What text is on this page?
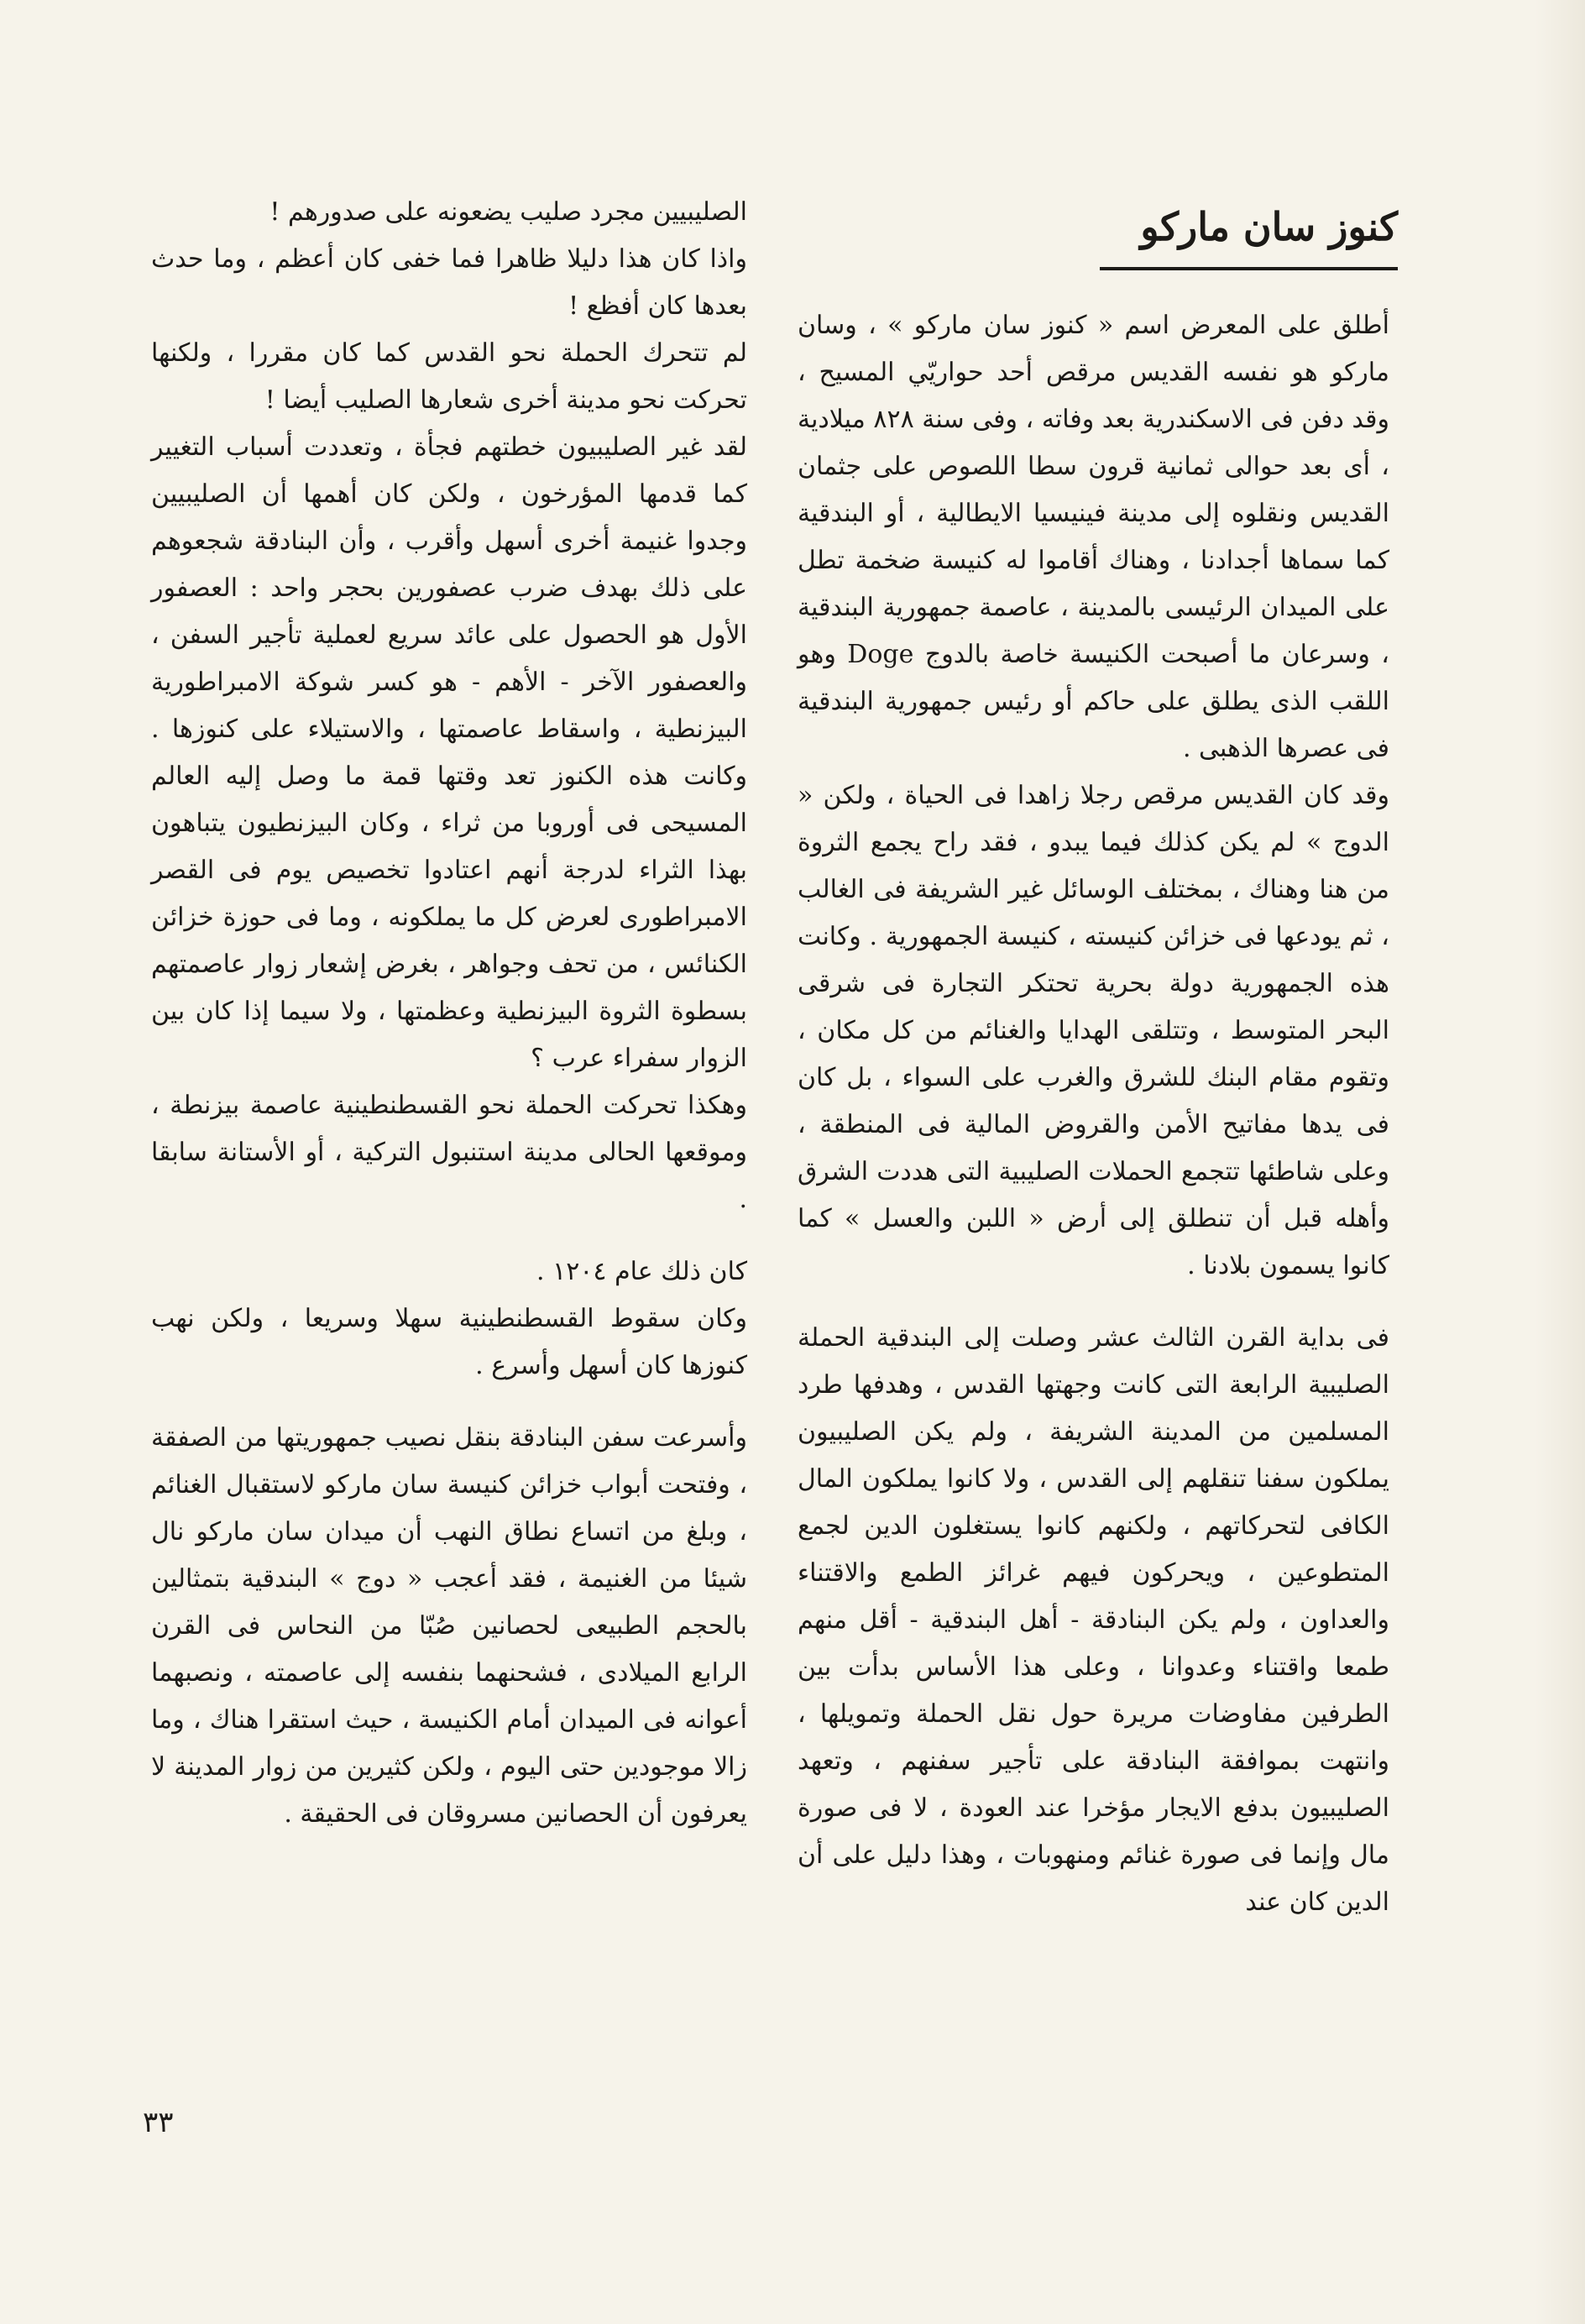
كنوز سان ماركو

أطلق على المعرض اسم « كنوز سان ماركو » ، وسان ماركو هو نفسه القديس مرقص أحد حواريّي المسيح ، وقد دفن فى الاسكندرية بعد وفاته ، وفى سنة ٨٢٨ ميلادية ، أى بعد حوالى ثمانية قرون سطا اللصوص على جثمان القديس ونقلوه إلى مدينة فينيسيا الايطالية ، أو البندقية كما سماها أجدادنا ، وهناك أقاموا له كنيسة ضخمة تطل على الميدان الرئيسى بالمدينة ، عاصمة جمهورية البندقية ، وسرعان ما أصبحت الكنيسة خاصة بالدوج Doge وهو اللقب الذى يطلق على حاكم أو رئيس جمهورية البندقية فى عصرها الذهبى .

وقد كان القديس مرقص رجلا زاهدا فى الحياة ، ولكن « الدوج » لم يكن كذلك فيما يبدو ، فقد راح يجمع الثروة من هنا وهناك ، بمختلف الوسائل غير الشريفة فى الغالب ، ثم يودعها فى خزائن كنيسته ، كنيسة الجمهورية . وكانت هذه الجمهورية دولة بحرية تحتكر التجارة فى شرقى البحر المتوسط ، وتتلقى الهدايا والغنائم من كل مكان ، وتقوم مقام البنك للشرق والغرب على السواء ، بل كان فى يدها مفاتيح الأمن والقروض المالية فى المنطقة ، وعلى شاطئها تتجمع الحملات الصليبية التى هددت الشرق وأهله قبل أن تنطلق إلى أرض « اللبن والعسل » كما كانوا يسمون بلادنا .

فى بداية القرن الثالث عشر وصلت إلى البندقية الحملة الصليبية الرابعة التى كانت وجهتها القدس ، وهدفها طرد المسلمين من المدينة الشريفة ، ولم يكن الصليبيون يملكون سفنا تنقلهم إلى القدس ، ولا كانوا يملكون المال الكافى لتحركاتهم ، ولكنهم كانوا يستغلون الدين لجمع المتطوعين ، ويحركون فيهم غرائز الطمع والاقتناء والعداون ، ولم يكن البنادقة - أهل البندقية - أقل منهم طمعا واقتناء وعدوانا ، وعلى هذا الأساس بدأت بين الطرفين مفاوضات مريرة حول نقل الحملة وتمويلها ، وانتهت بموافقة البنادقة على تأجير سفنهم ، وتعهد الصليبيون بدفع الايجار مؤخرا عند العودة ، لا فى صورة مال وإنما فى صورة غنائم ومنهوبات ، وهذا دليل على أن الدين كان عند

الصليبيين مجرد صليب يضعونه على صدورهم !

واذا كان هذا دليلا ظاهرا فما خفى كان أعظم ، وما حدث بعدها كان أفظع !

لم تتحرك الحملة نحو القدس كما كان مقررا ، ولكنها تحركت نحو مدينة أخرى شعارها الصليب أيضا !

لقد غير الصليبيون خطتهم فجأة ، وتعددت أسباب التغيير كما قدمها المؤرخون ، ولكن كان أهمها أن الصليبيين وجدوا غنيمة أخرى أسهل وأقرب ، وأن البنادقة شجعوهم على ذلك بهدف ضرب عصفورين بحجر واحد : العصفور الأول هو الحصول على عائد سريع لعملية تأجير السفن ، والعصفور الآخر - الأهم - هو كسر شوكة الامبراطورية البيزنطية ، واسقاط عاصمتها ، والاستيلاء على كنوزها . وكانت هذه الكنوز تعد وقتها قمة ما وصل إليه العالم المسيحى فى أوروبا من ثراء ، وكان البيزنطيون يتباهون بهذا الثراء لدرجة أنهم اعتادوا تخصيص يوم فى القصر الامبراطورى لعرض كل ما يملكونه ، وما فى حوزة خزائن الكنائس ، من تحف وجواهر ، بغرض إشعار زوار عاصمتهم بسطوة الثروة البيزنطية وعظمتها ، ولا سيما إذا كان بين الزوار سفراء عرب ؟

وهكذا تحركت الحملة نحو القسطنطينية عاصمة بيزنطة ، وموقعها الحالى مدينة استنبول التركية ، أو الأستانة سابقا .

كان ذلك عام ١٢٠٤ .

وكان سقوط القسطنطينية سهلا وسريعا ، ولكن نهب كنوزها كان أسهل وأسرع .

وأسرعت سفن البنادقة بنقل نصيب جمهوريتها من الصفقة ، وفتحت أبواب خزائن كنيسة سان ماركو لاستقبال الغنائم ، وبلغ من اتساع نطاق النهب أن ميدان سان ماركو نال شيئا من الغنيمة ، فقد أعجب « دوج » البندقية بتمثالين بالحجم الطبيعى لحصانين صُبّا من النحاس فى القرن الرابع الميلادى ، فشحنهما بنفسه إلى عاصمته ، ونصبهما أعوانه فى الميدان أمام الكنيسة ، حيث استقرا هناك ، وما زالا موجودين حتى اليوم ، ولكن كثيرين من زوار المدينة لا يعرفون أن الحصانين مسروقان فى الحقيقة .

٣٣
